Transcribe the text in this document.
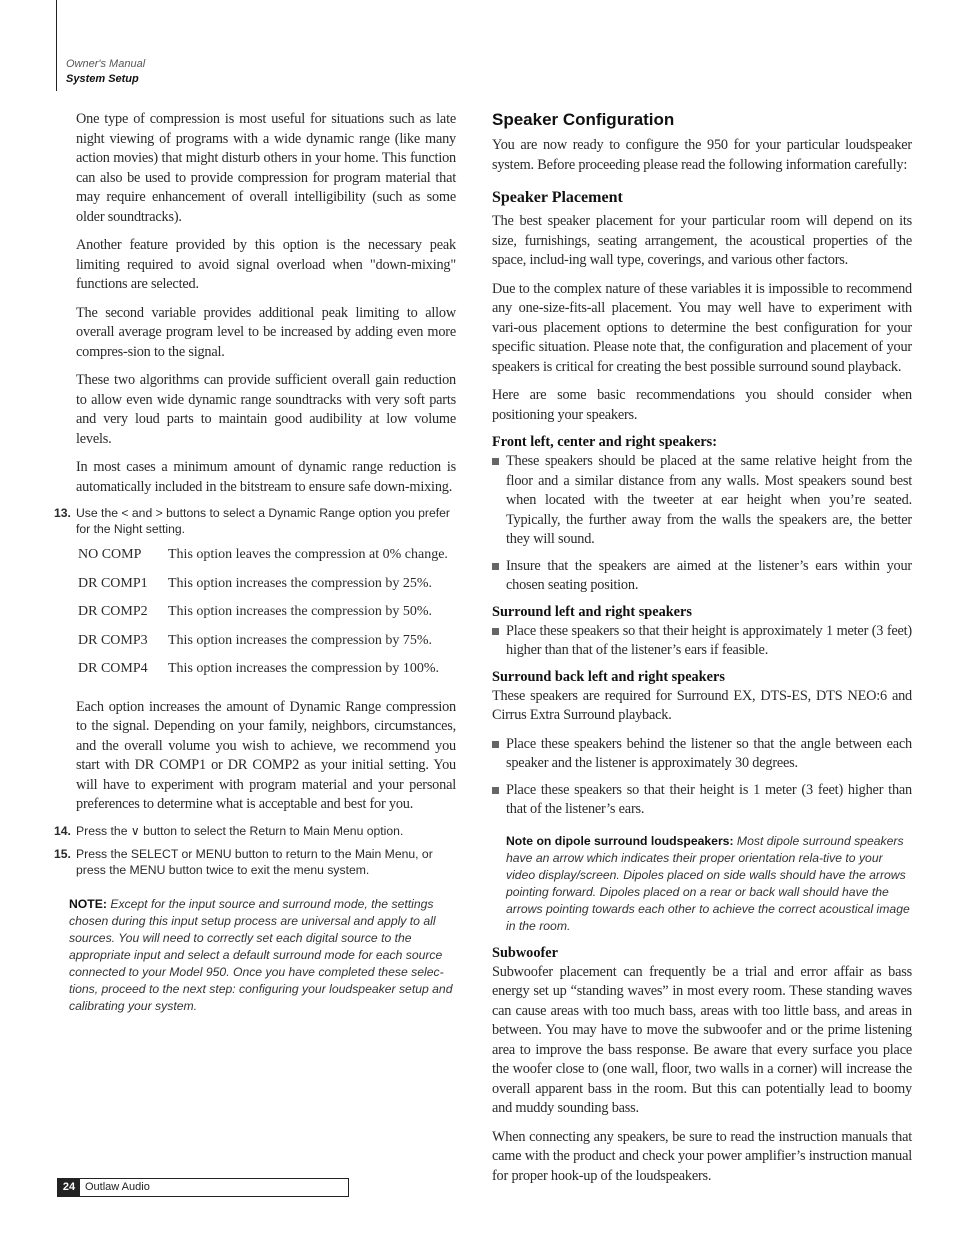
Owner's Manual
System Setup

One type of compression is most useful for situations such as late night viewing of programs with a wide dynamic range (like many action movies) that might disturb others in your home. This function can also be used to provide compression for program material that may require enhancement of overall intelligibility (such as some older soundtracks).

Another feature provided by this option is the necessary peak limiting required to avoid signal overload when "down-mixing" functions are selected.

The second variable provides additional peak limiting to allow overall average program level to be increased by adding even more compres-sion to the signal.

These two algorithms can provide sufficient overall gain reduction to allow even wide dynamic range soundtracks with very soft parts and very loud parts to maintain good audibility at low volume levels.

In most cases a minimum amount of dynamic range reduction is automatically included in the bitstream to ensure safe down-mixing.

13. Use the < and > buttons to select a Dynamic Range option you prefer for the Night setting.
NO COMP	This option leaves the compression at 0% change.
DR COMP1	This option increases the compression by 25%.
DR COMP2	This option increases the compression by 50%.
DR COMP3	This option increases the compression by 75%.
DR COMP4	This option increases the compression by 100%.

Each option increases the amount of Dynamic Range compression to the signal. Depending on your family, neighbors, circumstances, and the overall volume you wish to achieve, we recommend you start with DR COMP1 or DR COMP2 as your initial setting. You will have to experiment with program material and your personal preferences to determine what is acceptable and best for you.

14. Press the ∨ button to select the Return to Main Menu option.
15. Press the SELECT or MENU button to return to the Main Menu, or press the MENU button twice to exit the menu system.
NOTE: Except for the input source and surround mode, the settings chosen during this input setup process are universal and apply to all sources. You will need to correctly set each digital source to the appropriate input and select a default surround mode for each source connected to your Model 950. Once you have completed these selec-tions, proceed to the next step: configuring your loudspeaker setup and calibrating your system.
Speaker Configuration

You are now ready to configure the 950 for your particular loudspeaker system. Before proceeding please read the following information carefully:

Speaker Placement

The best speaker placement for your particular room will depend on its size, furnishings, seating arrangement, the acoustical properties of the space, includ-ing wall type, coverings, and various other factors.

Due to the complex nature of these variables it is impossible to recommend any one-size-fits-all placement. You may well have to experiment with vari-ous placement options to determine the best configuration for your specific situation. Please note that, the configuration and placement of your speakers is critical for creating the best possible surround sound playback.

Here are some basic recommendations you should consider when positioning your speakers.

Front left, center and right speakers:
These speakers should be placed at the same relative height from the floor and a similar distance from any walls. Most speakers sound best when located with the tweeter at ear height when you’re seated. Typically, the further away from the walls the speakers are, the better they will sound.
Insure that the speakers are aimed at the listener’s ears within your chosen seating position.
Surround left and right speakers
Place these speakers so that their height is approximately 1 meter (3 feet) higher than that of the listener’s ears if feasible.
Surround back left and right speakers

These speakers are required for Surround EX, DTS-ES, DTS NEO:6 and Cirrus Extra Surround playback.

Place these speakers behind the listener so that the angle between each speaker and the listener is approximately 30 degrees.
Place these speakers so that their height is 1 meter (3 feet) higher than that of the listener’s ears.
Note on dipole surround loudspeakers: Most dipole surround speakers have an arrow which indicates their proper orientation rela-tive to your video display/screen. Dipoles placed on side walls should have the arrows pointing forward. Dipoles placed on a rear or back wall should have the arrows pointing towards each other to achieve the correct acoustical image in the room.
Subwoofer

Subwoofer placement can frequently be a trial and error affair as bass energy set up “standing waves” in most every room. These standing waves can cause areas with too much bass, areas with too little bass, and areas in between. You may have to move the subwoofer and or the prime listening area to improve the bass response. Be aware that every surface you place the woofer close to (one wall, floor, two walls in a corner) will increase the overall apparent bass in the room. But this can potentially lead to boomy and muddy sounding bass.

When connecting any speakers, be sure to read the instruction manuals that came with the product and check your power amplifier’s instruction manual for proper hook-up of the loudspeakers.

24 Outlaw Audio
